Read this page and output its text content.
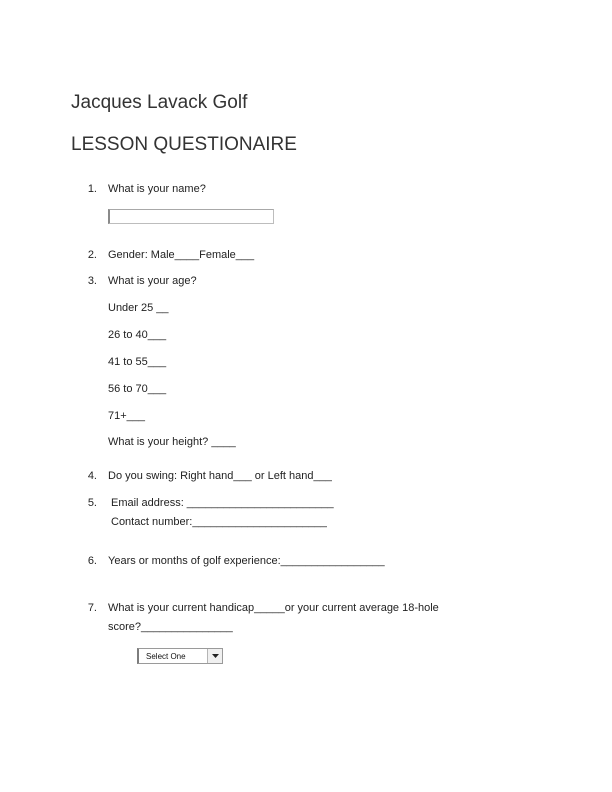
Jacques Lavack Golf
LESSON QUESTIONAIRE
1. What is your name?
2. Gender: Male____Female___
3. What is your age?
Under 25 __
26 to 40___
41 to 55___
56 to 70___
71+___
What is your height? ____
4. Do you swing: Right hand___ or Left hand___
5. Email address: ________________________
Contact number:______________________
6. Years or months of golf experience:_________________
7. What is your current handicap_____or your current average 18-hole
score?_______________
Select One
